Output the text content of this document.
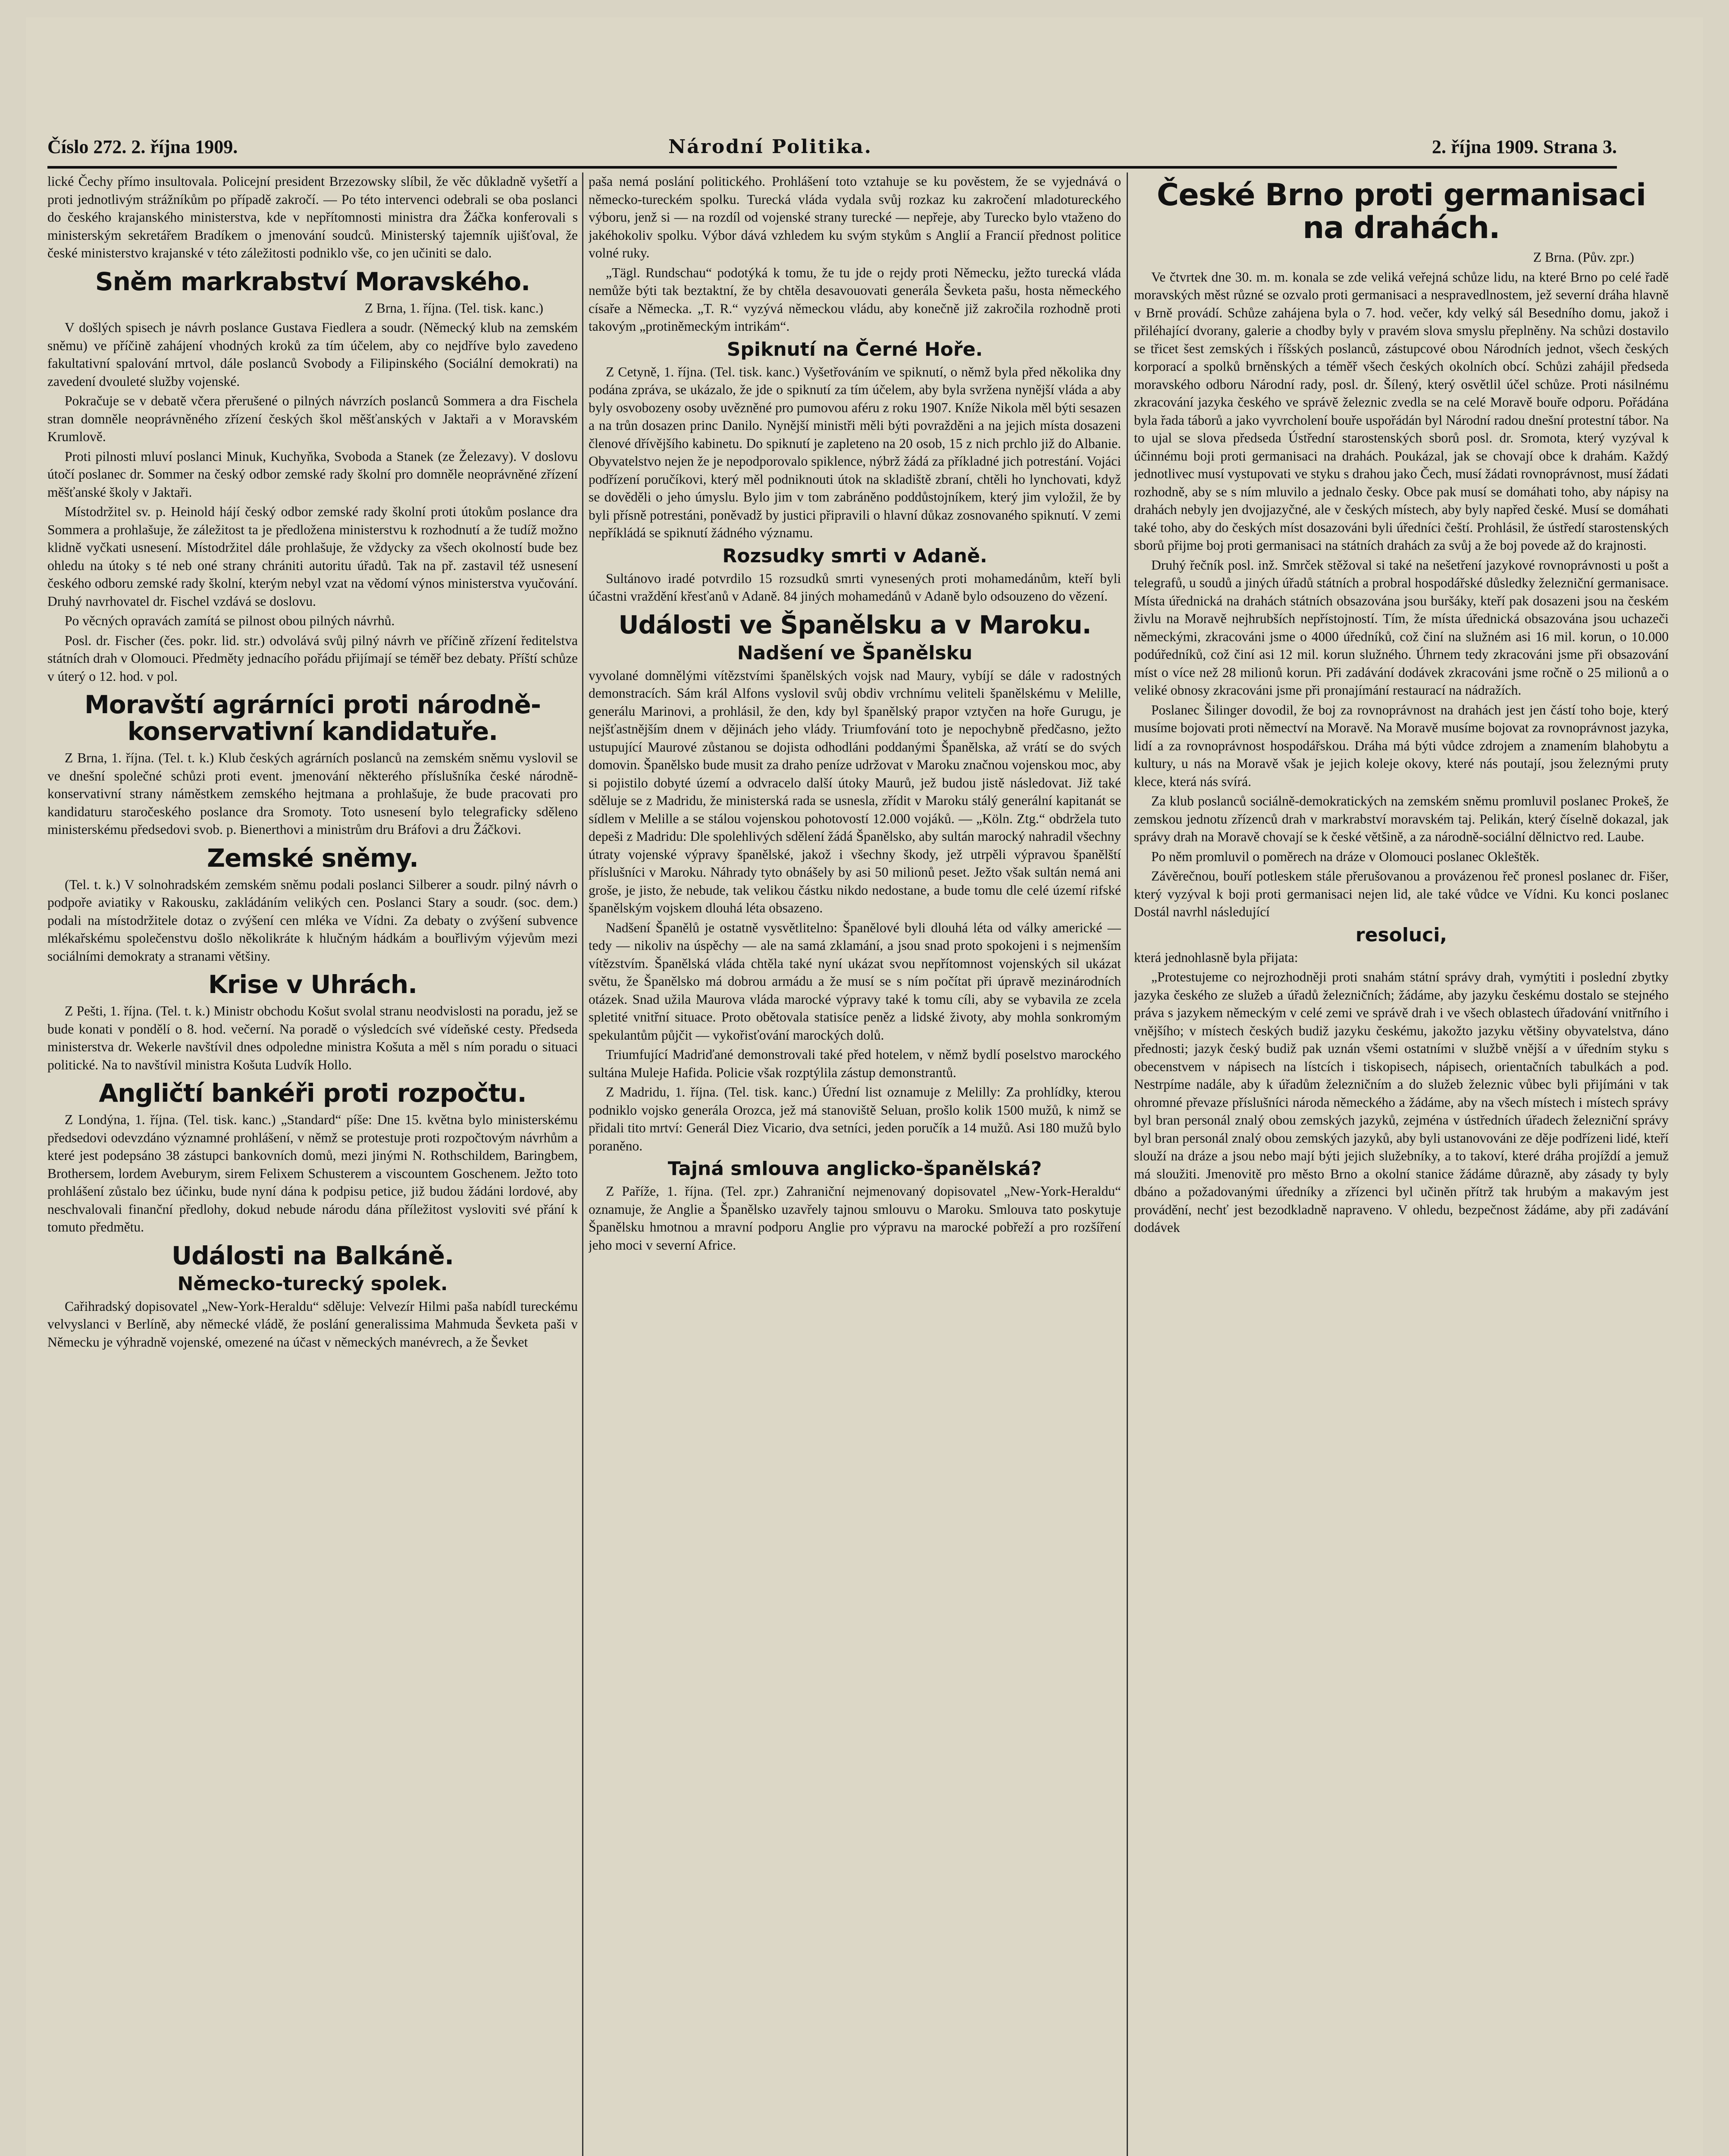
Číslo 272. 2. října 1909.	Národní Politika.	2. října 1909. Strana 3.

lické Čechy přímo insultovala. Policejní president Brzezowsky slíbil, že věc důkladně vyšetří a proti jednotlivým strážníkům po případě zakročí. — Po této intervenci odebrali se oba poslanci do českého krajanského ministerstva, kde v nepřítomnosti ministra dra Žáčka konferovali s ministerským sekretářem Bradíkem o jmenování soudců. Ministerský tajemník ujišťoval, že české ministerstvo krajanské v této záležitosti podniklo vše, co jen učiniti se dalo.

Sněm markrabství Moravského.

Z Brna, 1. října. (Tel. tisk. kanc.)

V došlých spisech je návrh poslance Gustava Fiedlera a soudr. (Německý klub na zemském sněmu) ve příčině zahájení vhodných kroků za tím účelem, aby co nejdříve bylo zavedeno fakultativní spalování mrtvol, dále poslanců Svobody a Filipinského (Sociální demokrati) na zavedení dvouleté služby vojenské.

Pokračuje se v debatě včera přerušené o pilných návrzích poslanců Sommera a dra Fischela stran domněle neoprávněného zřízení českých škol měšťanských v Jaktaři a v Moravském Krumlově.

Proti pilnosti mluví poslanci Minuk, Kuchyňka, Svoboda a Stanek (ze Železavy). V doslovu útočí poslanec dr. Sommer na český odbor zemské rady školní pro domněle neoprávněné zřízení měšťanské školy v Jaktaři.

Místodržitel sv. p. Heinold hájí český odbor zemské rady školní proti útokům poslance dra Sommera a prohlašuje, že záležitost ta je předložena ministerstvu k rozhodnutí a že tudíž možno klidně vyčkati usnesení. Místodržitel dále prohlašuje, že vždycky za všech okolností bude bez ohledu na útoky s té neb oné strany chrániti autoritu úřadů. Tak na př. zastavil též usnesení českého odboru zemské rady školní, kterým nebyl vzat na vědomí výnos ministerstva vyučování. Druhý navrhovatel dr. Fischel vzdává se doslovu.

Po věcných opravách zamítá se pilnost obou pilných návrhů.

Posl. dr. Fischer (čes. pokr. lid. str.) odvolává svůj pilný návrh ve příčině zřízení ředitelstva státních drah v Olomouci. Předměty jednacího pořádu přijímají se téměř bez debaty. Příští schůze v úterý o 12. hod. v pol.

Moravští agrárníci proti národně-konservativní kandidatuře.

Z Brna, 1. října. (Tel. t. k.) Klub českých agrárních poslanců na zemském sněmu vyslovil se ve dnešní společné schůzi proti event. jmenování některého příslušníka české národně-konservativní strany náměstkem zemského hejtmana a prohlašuje, že bude pracovati pro kandidaturu staročeského poslance dra Sromoty. Toto usnesení bylo telegraficky sděleno ministerskému předsedovi svob. p. Bienerthovi a ministrům dru Bráfovi a dru Žáčkovi.

Zemské sněmy.

(Tel. t. k.) V solnohradském zemském sněmu podali poslanci Silberer a soudr. pilný návrh o podpoře aviatiky v Rakousku, zakládáním velikých cen. Poslanci Stary a soudr. (soc. dem.) podali na místodržitele dotaz o zvýšení cen mléka ve Vídni. Za debaty o zvýšení subvence mlékařskému společenstvu došlo několikráte k hlučným hádkám a bouřlivým výjevům mezi sociálními demokraty a stranami většiny.

Krise v Uhrách.

Z Pešti, 1. října. (Tel. t. k.) Ministr obchodu Košut svolal stranu neodvislosti na poradu, jež se bude konati v pondělí o 8. hod. večerní. Na poradě o výsledcích své vídeňské cesty. Předseda ministerstva dr. Wekerle navštívil dnes odpoledne ministra Košuta a měl s ním poradu o situaci politické. Na to navštívil ministra Košuta Ludvík Hollo.

Angličtí bankéři proti rozpočtu.

Z Londýna, 1. října. (Tel. tisk. kanc.) „Standard“ píše: Dne 15. května bylo ministerskému předsedovi odevzdáno významné prohlášení, v němž se protestuje proti rozpočtovým návrhům a které jest podepsáno 38 zástupci bankovních domů, mezi jinými N. Rothschildem, Baringbem, Brothersem, lordem Aveburym, sirem Felixem Schusterem a viscountem Goschenem. Ježto toto prohlášení zůstalo bez účinku, bude nyní dána k podpisu petice, již budou žádáni lordové, aby neschvalovali finanční předlohy, dokud nebude národu dána příležitost vysloviti své přání k tomuto předmětu.

Události na Balkáně.
Německo-turecký spolek.

Cařihradský dopisovatel „New-York-Heraldu“ sděluje: Velvezír Hilmi paša nabídl tureckému velvyslanci v Berlíně, aby německé vládě, že poslání generalissima Mahmuda Ševketa paši v Německu je výhradně vojenské, omezené na účast v německých manévrech, a že Ševket

paša nemá poslání politického. Prohlášení toto vztahuje se ku pověstem, že se vyjednává o německo-tureckém spolku. Turecká vláda vydala svůj rozkaz ku zakročení mladotureckého výboru, jenž si — na rozdíl od vojenské strany turecké — nepřeje, aby Turecko bylo vtaženo do jakéhokoliv spolku. Výbor dává vzhledem ku svým stykům s Anglií a Francií přednost politice volné ruky.

„Tägl. Rundschau“ podotýká k tomu, že tu jde o rejdy proti Německu, ježto turecká vláda nemůže býti tak beztaktní, že by chtěla desavouovati generála Ševketa pašu, hosta německého císaře a Německa. „T. R.“ vyzývá německou vládu, aby konečně již zakročila rozhodně proti takovým „protiněmeckým intrikám“.

Spiknutí na Černé Hoře.

Z Cetyně, 1. října. (Tel. tisk. kanc.) Vyšetřováním ve spiknutí, o němž byla před několika dny podána zpráva, se ukázalo, že jde o spiknutí za tím účelem, aby byla svržena nynější vláda a aby byly osvobozeny osoby uvězněné pro pumovou aféru z roku 1907. Kníže Nikola měl býti sesazen a na trůn dosazen princ Danilo. Nynější ministři měli býti povražděni a na jejich místa dosazeni členové dřívějšího kabinetu. Do spiknutí je zapleteno na 20 osob, 15 z nich prchlo již do Albanie. Obyvatelstvo nejen že je nepodporovalo spiklence, nýbrž žádá za příkladné jich potrestání. Vojáci podřízení poručíkovi, který měl podniknouti útok na skladiště zbraní, chtěli ho lynchovati, když se dověděli o jeho úmyslu. Bylo jim v tom zabráněno poddůstojníkem, který jim vyložil, že by byli přísně potrestáni, poněvadž by justici připravili o hlavní důkaz zosnovaného spiknutí. V zemi nepříkládá se spiknutí žádného významu.

Rozsudky smrti v Adaně.

Sultánovo iradé potvrdilo 15 rozsudků smrti vynesených proti mohamedánům, kteří byli účastni vraždění křesťanů v Adaně. 84 jiných mohamedánů v Adaně bylo odsouzeno do vězení.

Události ve Španělsku a v Maroku.
Nadšení ve Španělsku

vyvolané domnělými vítězstvími španělských vojsk nad Maury, vybíjí se dále v radostných demonstracích. Sám král Alfons vyslovil svůj obdiv vrchnímu veliteli španělskému v Melille, generálu Marinovi, a prohlásil, že den, kdy byl španělský prapor vztyčen na hoře Gurugu, je nejšťastnějším dnem v dějinách jeho vlády. Triumfování toto je nepochybně předčasno, ježto ustupující Maurové zůstanou se dojista odhodláni poddanými Španělska, až vrátí se do svých domovin. Španělsko bude musit za draho peníze udržovat v Maroku značnou vojenskou moc, aby si pojistilo dobyté území a odvracelo další útoky Maurů, jež budou jistě následovat. Již také sděluje se z Madridu, že ministerská rada se usnesla, zřídit v Maroku stálý generální kapitanát se sídlem v Melille a se stálou vojenskou pohotovostí 12.000 vojáků. — „Köln. Ztg.“ obdržela tuto depeši z Madridu: Dle spolehlivých sdělení žádá Španělsko, aby sultán marocký nahradil všechny útraty vojenské výpravy španělské, jakož i všechny škody, jež utrpěli výpravou španělští příslušníci v Maroku. Náhrady tyto obnášely by asi 50 milionů peset. Ježto však sultán nemá ani groše, je jisto, že nebude, tak velikou částku nikdo nedostane, a bude tomu dle celé území rifské španělským vojskem dlouhá léta obsazeno.

Nadšení Španělů je ostatně vysvětlitelno: Španělové byli dlouhá léta od války americké — tedy — nikoliv na úspěchy — ale na samá zklamání, a jsou snad proto spokojeni i s nejmenším vítězstvím. Španělská vláda chtěla také nyní ukázat svou nepřítomnost vojenských sil ukázat světu, že Španělsko má dobrou armádu a že musí se s ním počítat při úpravě mezinárodních otázek. Snad užila Maurova vláda marocké výpravy také k tomu cíli, aby se vybavila ze zcela spletité vnitřní situace. Proto obětovala statisíce peněz a lidské životy, aby mohla sonkromým spekulantům půjčit — vykořisťování marockých dolů.

Triumfující Madriďané demonstrovali také před hotelem, v němž bydlí poselstvo marockého sultána Muleje Hafida. Policie však rozptýlila zástup demonstrantů.

Z Madridu, 1. října. (Tel. tisk. kanc.) Úřední list oznamuje z Melilly: Za prohlídky, kterou podniklo vojsko generála Orozca, jež má stanoviště Seluan, prošlo kolik 1500 mužů, k nimž se přidali tito mrtví: Generál Diez Vicario, dva setníci, jeden poručík a 14 mužů. Asi 180 mužů bylo poraněno.

Tajná smlouva anglicko-španělská?

Z Paříže, 1. října. (Tel. zpr.) Zahraniční nejmenovaný dopisovatel „New-York-Heraldu“ oznamuje, že Anglie a Španělsko uzavřely tajnou smlouvu o Maroku. Smlouva tato poskytuje Španělsku hmotnou a mravní podporu Anglie pro výpravu na marocké pobřeží a pro rozšíření jeho moci v severní Africe.

České Brno proti germanisaci na drahách.

Z Brna. (Pův. zpr.)

Ve čtvrtek dne 30. m. m. konala se zde veliká veřejná schůze lidu, na které Brno po celé řadě moravských měst různé se ozvalo proti germanisaci a nespravedlnostem, jež severní dráha hlavně v Brně provádí. Schůze zahájena byla o 7. hod. večer, kdy velký sál Besedního domu, jakož i přiléhající dvorany, galerie a chodby byly v pravém slova smyslu přeplněny. Na schůzi dostavilo se třicet šest zemských i říšských poslanců, zástupcové obou Národních jednot, všech českých korporací a spolků brněnských a téměř všech českých okolních obcí. Schůzi zahájil předseda moravského odboru Národní rady, posl. dr. Šílený, který osvětlil účel schůze. Proti násilnému zkracování jazyka českého ve správě železnic zvedla se na celé Moravě bouře odporu. Pořádána byla řada táborů a jako vyvrcholení bouře uspořádán byl Národní radou dnešní protestní tábor. Na to ujal se slova předseda Ústřední starostenských sborů posl. dr. Sromota, který vyzýval k účinnému boji proti germanisaci na drahách. Poukázal, jak se chovají obce k drahám. Každý jednotlivec musí vystupovati ve styku s drahou jako Čech, musí žádati rovnoprávnost, musí žádati rozhodně, aby se s ním mluvilo a jednalo česky. Obce pak musí se domáhati toho, aby nápisy na drahách nebyly jen dvojjazyčné, ale v českých místech, aby byly napřed české. Musí se domáhati také toho, aby do českých míst dosazováni byli úředníci čeští. Prohlásil, že ústředí starostenských sborů přijme boj proti germanisaci na státních drahách za svůj a že boj povede až do krajnosti.

Druhý řečník posl. inž. Smrček stěžoval si také na nešetření jazykové rovnoprávnosti u pošt a telegrafů, u soudů a jiných úřadů státních a probral hospodářské důsledky železniční germanisace. Místa úřednická na drahách státních obsazována jsou buršáky, kteří pak dosazeni jsou na českém živlu na Moravě nejhrubších nepřístojností. Tím, že místa úřednická obsazována jsou uchazeči německými, zkracováni jsme o 4000 úředníků, což činí na služném asi 16 mil. korun, o 10.000 podúředníků, což činí asi 12 mil. korun služného. Úhrnem tedy zkracováni jsme při obsazování míst o více než 28 milionů korun. Při zadávání dodávek zkracováni jsme ročně o 25 milionů a o veliké obnosy zkracováni jsme při pronajímání restaurací na nádražích.

Poslanec Šilinger dovodil, že boj za rovnoprávnost na drahách jest jen částí toho boje, který musíme bojovati proti němectví na Moravě. Na Moravě musíme bojovat za rovnoprávnost jazyka, lidí a za rovnoprávnost hospodářskou. Dráha má býti vůdce zdrojem a znamením blahobytu a kultury, u nás na Moravě však je jejich koleje okovy, které nás poutají, jsou železnými pruty klece, která nás svírá.

Za klub poslanců sociálně-demokratických na zemském sněmu promluvil poslanec Prokeš, že zemskou jednotu zřízenců drah v markrabství moravském taj. Pelikán, který číselně dokazal, jak správy drah na Moravě chovají se k české většině, a za národně-sociální dělnictvo red. Laube.

Po něm promluvil o poměrech na dráze v Olomouci poslanec Okleštěk.

Závěrečnou, bouří potleskem stále přerušovanou a provázenou řeč pronesl poslanec dr. Fišer, který vyzýval k boji proti germanisaci nejen lid, ale také vůdce ve Vídni. Ku konci poslanec Dostál navrhl následující

resoluci,

která jednohlasně byla přijata:

„Protestujeme co nejrozhodněji proti snahám státní správy drah, vymýtiti i poslední zbytky jazyka českého ze služeb a úřadů železničních; žádáme, aby jazyku českému dostalo se stejného práva s jazykem německým v celé zemi ve správě drah i ve všech oblastech úřadování vnitřního i vnějšího; v místech českých budiž jazyku českému, jakožto jazyku většiny obyvatelstva, dáno přednosti; jazyk český budiž pak uznán všemi ostatními v službě vnější a v úředním styku s obecenstvem v nápisech na lístcích i tiskopisech, nápisech, orientačních tabulkách a pod. Nestrpíme nadále, aby k úřadům železničním a do služeb železnic vůbec byli přijímáni v tak ohromné převaze příslušníci národa německého a žádáme, aby na všech místech i místech správy byl bran personál znalý obou zemských jazyků, zejména v ústředních úřadech železniční správy byl bran personál znalý obou zemských jazyků, aby byli ustanovováni ze děje podřízeni lidé, kteří slouží na dráze a jsou nebo mají býti jejich služebníky, a to takoví, které dráha projíždí a jemuž má sloužiti. Jmenovitě pro město Brno a okolní stanice žádáme důrazně, aby zásady ty byly dbáno a požadovanými úředníky a zřízenci byl učiněn přítrž tak hrubým a makavým jest provádění, nechť jest bezodkladně napraveno. V ohledu, bezpečnost žádáme, aby při zadávání dodávek
